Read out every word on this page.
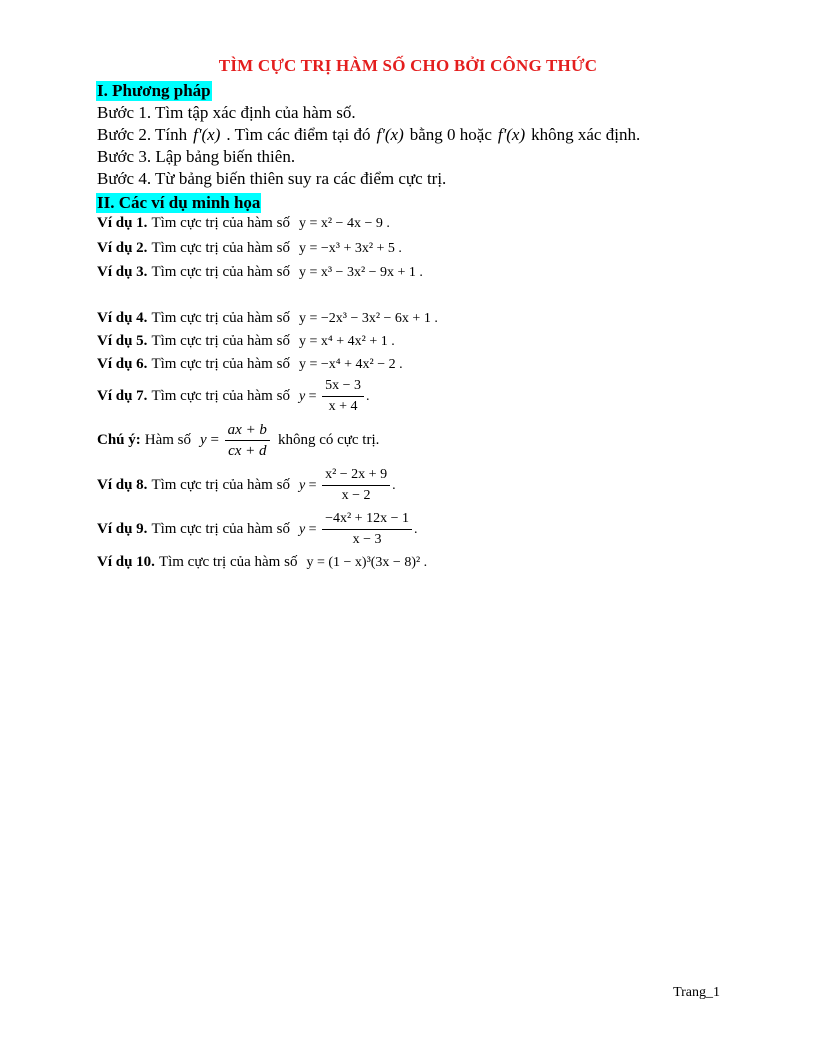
TÌM CỰC TRỊ HÀM SỐ CHO BỞI CÔNG THỨC
I. Phương pháp
Bước 1. Tìm tập xác định của hàm số.
Bước 2. Tính f'(x) . Tìm các điểm tại đó f'(x) bằng 0 hoặc f'(x) không xác định.
Bước 3. Lập bảng biến thiên.
Bước 4. Từ bảng biến thiên suy ra các điểm cực trị.
II. Các ví dụ minh họa
Ví dụ 1. Tìm cực trị của hàm số y = x² − 4x − 9 .
Ví dụ 2. Tìm cực trị của hàm số y = −x³ + 3x² + 5 .
Ví dụ 3. Tìm cực trị của hàm số y = x³ − 3x² − 9x + 1 .
Ví dụ 4. Tìm cực trị của hàm số y = −2x³ − 3x² − 6x + 1 .
Ví dụ 5. Tìm cực trị của hàm số y = x⁴ + 4x² + 1 .
Ví dụ 6. Tìm cực trị của hàm số y = −x⁴ + 4x² − 2 .
Ví dụ 7. Tìm cực trị của hàm số $y = \frac{5x - 3}{x + 4}$ .
Chú ý: Hàm số $y = \frac{ax + b}{cx + d}$ không có cực trị.
Ví dụ 8. Tìm cực trị của hàm số $y = \frac{\text{x² − 2x + 9}}{x - 2}$ .
Ví dụ 9. Tìm cực trị của hàm số $y = \frac{\text{−4x² + 12x − 1}}{x - 3}$ .
Ví dụ 10. Tìm cực trị của hàm số y = (1 − x)³(3x − 8)² .
Trang_1
